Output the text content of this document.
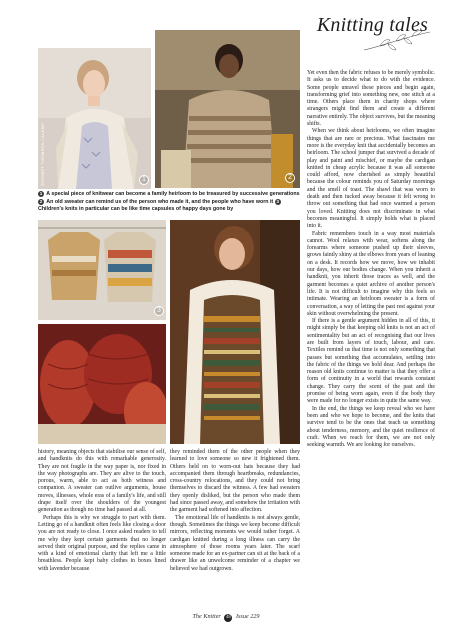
Knitting tales
1
SCHMIDT THOMSON / ALAMY	2
1 A special piece of knitwear can become a family heirloom to be treasured by successive generations 2 An old sweater can remind us of the person who made it, and the people who have worn it 3 Children's knits in particular can be like time capsules of happy days gone by
3

Yet even then the fabric refuses to be merely symbolic. It asks us to decide what to do with the evidence. Some people unravel these pieces and begin again, transforming grief into something new, one stitch at a time. Others place them in charity shops where strangers might find them and create a different narrative entirely. The object survives, but the meaning shifts.

When we think about heirlooms, we often imagine things that are rare or precious. What fascinates me more is the everyday knit that accidentally becomes an heirloom. The school jumper that survived a decade of play and paint and mischief, or maybe the cardigan knitted in cheap acrylic because it was all someone could afford, now cherished as simply beautiful because the colour reminds you of Saturday mornings and the smell of toast. The shawl that was worn to death and then tucked away because it felt wrong to throw out something that had once warmed a person you loved. Knitting does not discriminate in what becomes meaningful. It simply holds what is placed into it.

Fabric remembers touch in a way most materials cannot. Wool relaxes with wear, softens along the forearms where someone pushed up their sleeves, grows faintly shiny at the elbows from years of leaning on a desk. It records how we move, how we inhabit our days, how our bodies change. When you inherit a handknit, you inherit those traces as well, and the garment becomes a quiet archive of another person's life. It is not difficult to imagine why this feels so intimate. Wearing an heirloom sweater is a form of conversation, a way of letting the past rest against your skin without overwhelming the present.

If there is a gentle argument hidden in all of this, it might simply be that keeping old knits is not an act of sentimentality but an act of recognising that our lives are built from layers of touch, labour, and care. Textiles remind us that time is not only something that passes but something that accumulates, settling into the fabric of the things we hold dear. And perhaps the reason old knits continue to matter is that they offer a form of continuity in a world that rewards constant change. They carry the scent of the past and the promise of being worn again, even if the body they were made for no longer exists in quite the same way.

In the end, the things we keep reveal who we have been and who we hope to become, and the knits that survive tend to be the ones that teach us something about tenderness, memory, and the quiet resilience of craft. When we reach for them, we are not only seeking warmth. We are looking for ourselves.

history, meaning objects that stabilise our sense of self, and handknits do this with remarkable generosity. They are not fragile in the way paper is, nor fixed in the way photographs are. They are alive to the touch, porous, warm, able to act as both witness and companion. A sweater can outlive arguments, house moves, illnesses, whole eras of a family's life, and still drape itself over the shoulders of the youngest generation as though no time had passed at all.

Perhaps this is why we struggle to part with them. Letting go of a handknit often feels like closing a door you are not ready to close. I once asked readers to tell me why they kept certain garments that no longer served their original purpose, and the replies came in with a kind of emotional clarity that left me a little breathless. People kept baby clothes in boxes lined with lavender because

they reminded them of the other people when they learned to love someone so new it frightened them. Others held on to worn-out hats because they had accompanied them through heartbreaks, redundancies, cross-country relocations, and they could not bring themselves to discard the witness. A few had sweaters they openly disliked, but the person who made them had since passed away, and somehow the irritation with the garment had softened into affection.

The emotional life of handknits is not always gentle, though. Sometimes the things we keep become difficult mirrors, reflecting moments we would rather forget. A cardigan knitted during a long illness can carry the atmosphere of those rooms years later. The scarf someone made for an ex-partner can sit at the back of a drawer like an unwelcome reminder of a chapter we believed we had outgrown.

The Knitter 48 Issue 229
